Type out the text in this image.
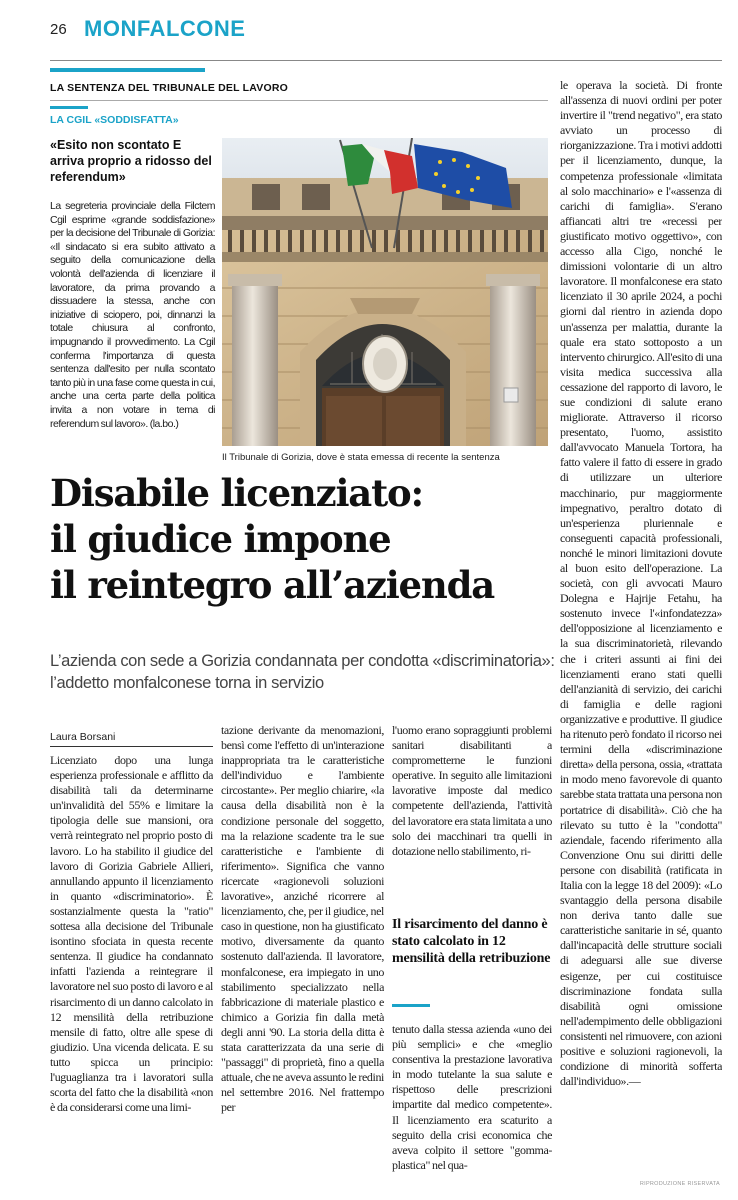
26 MONFALCONE
LA SENTENZA DEL TRIBUNALE DEL LAVORO
LA CGIL «SODDISFATTA»
«Esito non scontato E arriva proprio a ridosso del referendum»

La segreteria provinciale della Filctem Cgil esprime «grande soddisfazione» per la decisione del Tribunale di Gorizia: «Il sindacato si era subito attivato a seguito della comunicazione della volontà dell'azienda di licenziare il lavoratore, da prima provando a dissuadere la stessa, anche con iniziative di sciopero, poi, dinnanzi la totale chiusura al confronto, impugnando il provvedimento. La Cgil conferma l'importanza di questa sentenza dall'esito per nulla scontato tanto più in una fase come questa in cui, anche una certa parte della politica invita a non votare in tema di referendum sul lavoro». (la.bo.)

Il Tribunale di Gorizia, dove è stata emessa di recente la sentenza

Disabile licenziato:
il giudice impone
il reintegro all’azienda

L’azienda con sede a Gorizia condannata per condotta «discriminatoria»: l’addetto monfalconese torna in servizio

Laura Borsani

Licenziato dopo una lunga esperienza professionale e afflitto da disabilità tali da determinarne un'invalidità del 55% e limitare la tipologia delle sue mansioni, ora verrà reintegrato nel proprio posto di lavoro. Lo ha stabilito il giudice del lavoro di Gorizia Gabriele Allieri, annullando appunto il licenziamento in quanto «discriminatorio». È sostanzialmente questa la "ratio" sottesa alla decisione del Tribunale isontino sfociata in questa recente sentenza. Il giudice ha condannato infatti l'azienda a reintegrare il lavoratore nel suo posto di lavoro e al risarcimento di un danno calcolato in 12 mensilità della retribuzione mensile di fatto, oltre alle spese di giudizio. Una vicenda delicata. E su tutto spicca un principio: l'uguaglianza tra i lavoratori sulla scorta del fatto che la disabilità «non è da considerarsi come una limi-

tazione derivante da menomazioni, bensì come l'effetto di un'interazione inappropriata tra le caratteristiche dell'individuo e l'ambiente circostante». Per meglio chiarire, «la causa della disabilità non è la condizione personale del soggetto, ma la relazione scadente tra le sue caratteristiche e l'ambiente di riferimento». Significa che vanno ricercate «ragionevoli soluzioni lavorative», anziché ricorrere al licenziamento, che, per il giudice, nel caso in questione, non ha giustificato motivo, diversamente da quanto sostenuto dall'azienda. Il lavoratore, monfalconese, era impiegato in uno stabilimento specializzato nella fabbricazione di materiale plastico e chimico a Gorizia fin dalla metà degli anni '90. La storia della ditta è stata caratterizzata da una serie di "passaggi" di proprietà, fino a quella attuale, che ne aveva assunto le redini nel settembre 2016. Nel frattempo per

l'uomo erano sopraggiunti problemi sanitari disabilitanti a comprometterne le funzioni operative. In seguito alle limitazioni lavorative imposte dal medico competente dell'azienda, l'attività del lavoratore era stata limitata a uno solo dei macchinari tra quelli in dotazione nello stabilimento, ri-

Il risarcimento del danno è stato calcolato in 12 mensilità della retribuzione

tenuto dalla stessa azienda «uno dei più semplici» e che «meglio consentiva la prestazione lavorativa in modo tutelante la sua salute e rispettoso delle prescrizioni impartite dal medico competente». Il licenziamento era scaturito a seguito della crisi economica che aveva colpito il settore "gomma-plastica" nel qua-

le operava la società. Di fronte all'assenza di nuovi ordini per poter invertire il "trend negativo", era stato avviato un processo di riorganizzazione. Tra i motivi addotti per il licenziamento, dunque, la competenza professionale «limitata al solo macchinario» e l'«assenza di carichi di famiglia». S'erano affiancati altri tre «recessi per giustificato motivo oggettivo», con accesso alla Cigo, nonché le dimissioni volontarie di un altro lavoratore. Il monfalconese era stato licenziato il 30 aprile 2024, a pochi giorni dal rientro in azienda dopo un'assenza per malattia, durante la quale era stato sottoposto a un intervento chirurgico. All'esito di una visita medica successiva alla cessazione del rapporto di lavoro, le sue condizioni di salute erano migliorate. Attraverso il ricorso presentato, l'uomo, assistito dall'avvocato Manuela Tortora, ha fatto valere il fatto di essere in grado di utilizzare un ulteriore macchinario, pur maggiormente impegnativo, peraltro dotato di un'esperienza pluriennale e conseguenti capacità professionali, nonché le minori limitazioni dovute al buon esito dell'operazione. La società, con gli avvocati Mauro Dolegna e Hajrije Fetahu, ha sostenuto invece l'«infondatezza» dell'opposizione al licenziamento e la sua discriminatorietà, rilevando che i criteri assunti ai fini dei licenziamenti erano stati quelli dell'anzianità di servizio, dei carichi di famiglia e delle ragioni organizzative e produttive. Il giudice ha ritenuto però fondato il ricorso nei termini della «discriminazione diretta» della persona, ossia, «trattata in modo meno favorevole di quanto sarebbe stata trattata una persona non portatrice di disabilità». Ciò che ha rilevato su tutto è la "condotta" aziendale, facendo riferimento alla Convenzione Onu sui diritti delle persone con disabilità (ratificata in Italia con la legge 18 del 2009): «Lo svantaggio della persona disabile non deriva tanto dalle sue caratteristiche sanitarie in sé, quanto dall'incapacità delle strutture sociali di adeguarsi alle sue diverse esigenze, per cui costituisce discriminazione fondata sulla disabilità ogni omissione nell'adempimento delle obbligazioni consistenti nel rimuovere, con azioni positive e soluzioni ragionevoli, la condizione di minorità sofferta dall'individuo».—

RIPRODUZIONE RISERVATA
